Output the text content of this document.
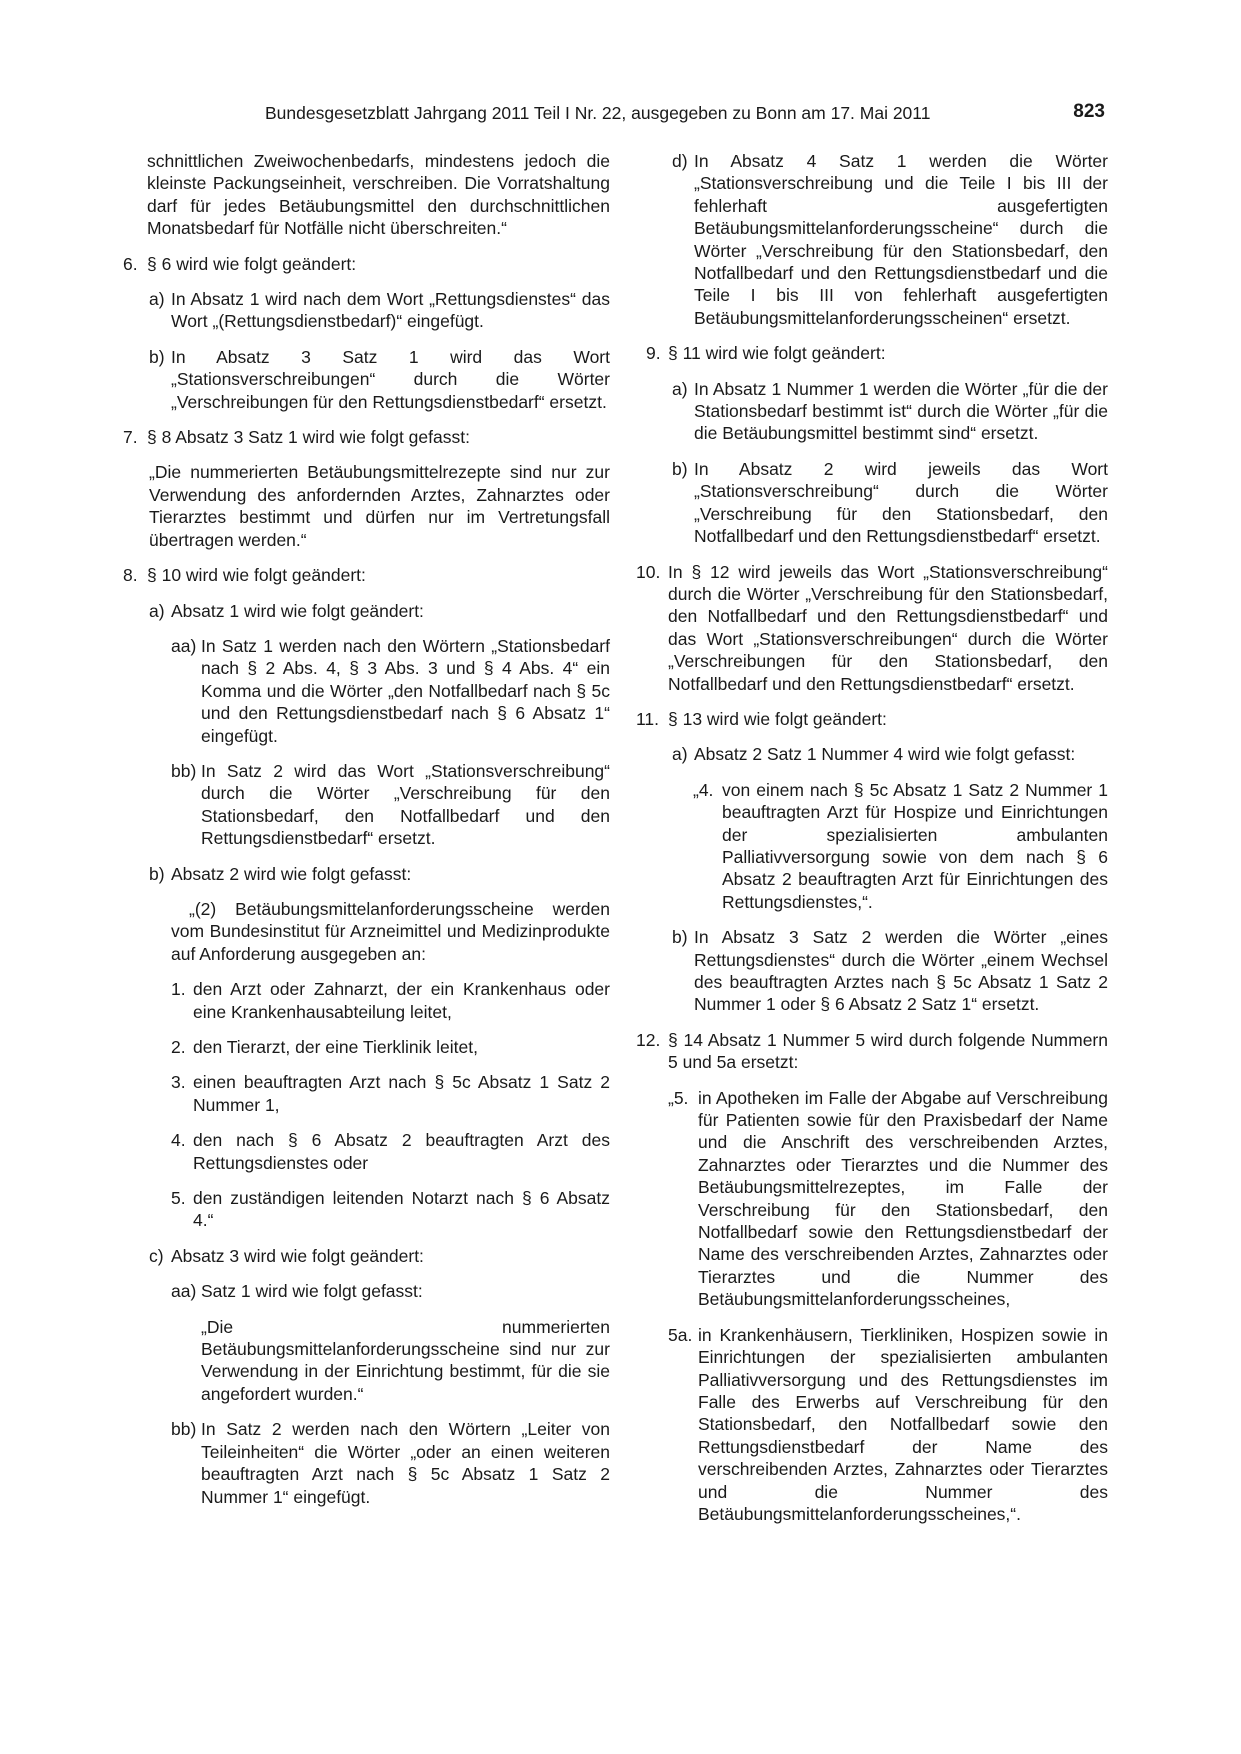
Bundesgesetzblatt Jahrgang 2011 Teil I Nr. 22, ausgegeben zu Bonn am 17. Mai 2011	823
schnittlichen Zweiwochenbedarfs, mindestens jedoch die kleinste Packungseinheit, verschreiben. Die Vorratshaltung darf für jedes Betäubungsmittel den durchschnittlichen Monatsbedarf für Notfälle nicht überschreiten.“
6. § 6 wird wie folgt geändert:
a) In Absatz 1 wird nach dem Wort „Rettungsdienstes“ das Wort „(Rettungsdienstbedarf)“ eingefügt.
b) In Absatz 3 Satz 1 wird das Wort „Stationsverschreibungen“ durch die Wörter „Verschreibungen für den Rettungsdienstbedarf“ ersetzt.
7. § 8 Absatz 3 Satz 1 wird wie folgt gefasst:
„Die nummerierten Betäubungsmittelrezepte sind nur zur Verwendung des anfordernden Arztes, Zahnarztes oder Tierarztes bestimmt und dürfen nur im Vertretungsfall übertragen werden.“
8. § 10 wird wie folgt geändert:
a) Absatz 1 wird wie folgt geändert:
aa) In Satz 1 werden nach den Wörtern „Stationsbedarf nach § 2 Abs. 4, § 3 Abs. 3 und § 4 Abs. 4“ ein Komma und die Wörter „den Notfallbedarf nach § 5c und den Rettungsdienstbedarf nach § 6 Absatz 1“ eingefügt.
bb) In Satz 2 wird das Wort „Stationsverschreibung“ durch die Wörter „Verschreibung für den Stationsbedarf, den Notfallbedarf und den Rettungsdienstbedarf“ ersetzt.
b) Absatz 2 wird wie folgt gefasst:
„(2) Betäubungsmittelanforderungsscheine werden vom Bundesinstitut für Arzneimittel und Medizinprodukte auf Anforderung ausgegeben an:
1. den Arzt oder Zahnarzt, der ein Krankenhaus oder eine Krankenhausabteilung leitet,
2. den Tierarzt, der eine Tierklinik leitet,
3. einen beauftragten Arzt nach § 5c Absatz 1 Satz 2 Nummer 1,
4. den nach § 6 Absatz 2 beauftragten Arzt des Rettungsdienstes oder
5. den zuständigen leitenden Notarzt nach § 6 Absatz 4.“
c) Absatz 3 wird wie folgt geändert:
aa) Satz 1 wird wie folgt gefasst:
„Die nummerierten Betäubungsmittelanforderungsscheine sind nur zur Verwendung in der Einrichtung bestimmt, für die sie angefordert wurden.“
bb) In Satz 2 werden nach den Wörtern „Leiter von Teileinheiten“ die Wörter „oder an einen weiteren beauftragten Arzt nach § 5c Absatz 1 Satz 2 Nummer 1“ eingefügt.
d) In Absatz 4 Satz 1 werden die Wörter „Stationsverschreibung und die Teile I bis III der fehlerhaft ausgefertigten Betäubungsmittelanforderungsscheine“ durch die Wörter „Verschreibung für den Stationsbedarf, den Notfallbedarf und den Rettungsdienstbedarf und die Teile I bis III von fehlerhaft ausgefertigten Betäubungsmittelanforderungsscheinen“ ersetzt.
9. § 11 wird wie folgt geändert:
a) In Absatz 1 Nummer 1 werden die Wörter „für die der Stationsbedarf bestimmt ist“ durch die Wörter „für die die Betäubungsmittel bestimmt sind“ ersetzt.
b) In Absatz 2 wird jeweils das Wort „Stationsverschreibung“ durch die Wörter „Verschreibung für den Stationsbedarf, den Notfallbedarf und den Rettungsdienstbedarf“ ersetzt.
10. In § 12 wird jeweils das Wort „Stationsverschreibung“ durch die Wörter „Verschreibung für den Stationsbedarf, den Notfallbedarf und den Rettungsdienstbedarf“ und das Wort „Stationsverschreibungen“ durch die Wörter „Verschreibungen für den Stationsbedarf, den Notfallbedarf und den Rettungsdienstbedarf“ ersetzt.
11. § 13 wird wie folgt geändert:
a) Absatz 2 Satz 1 Nummer 4 wird wie folgt gefasst:
„4. von einem nach § 5c Absatz 1 Satz 2 Nummer 1 beauftragten Arzt für Hospize und Einrichtungen der spezialisierten ambulanten Palliativversorgung sowie von dem nach § 6 Absatz 2 beauftragten Arzt für Einrichtungen des Rettungsdienstes,“.
b) In Absatz 3 Satz 2 werden die Wörter „eines Rettungsdienstes“ durch die Wörter „einem Wechsel des beauftragten Arztes nach § 5c Absatz 1 Satz 2 Nummer 1 oder § 6 Absatz 2 Satz 1“ ersetzt.
12. § 14 Absatz 1 Nummer 5 wird durch folgende Nummern 5 und 5a ersetzt:
„5. in Apotheken im Falle der Abgabe auf Verschreibung für Patienten sowie für den Praxisbedarf der Name und die Anschrift des verschreibenden Arztes, Zahnarztes oder Tierarztes und die Nummer des Betäubungsmittelrezeptes, im Falle der Verschreibung für den Stationsbedarf, den Notfallbedarf sowie den Rettungsdienstbedarf der Name des verschreibenden Arztes, Zahnarztes oder Tierarztes und die Nummer des Betäubungsmittelanforderungsscheines,
5a. in Krankenhäusern, Tierkliniken, Hospizen sowie in Einrichtungen der spezialisierten ambulanten Palliativversorgung und des Rettungsdienstes im Falle des Erwerbs auf Verschreibung für den Stationsbedarf, den Notfallbedarf sowie den Rettungsdienstbedarf der Name des verschreibenden Arztes, Zahnarztes oder Tierarztes und die Nummer des Betäubungsmittelanforderungsscheines,“.
